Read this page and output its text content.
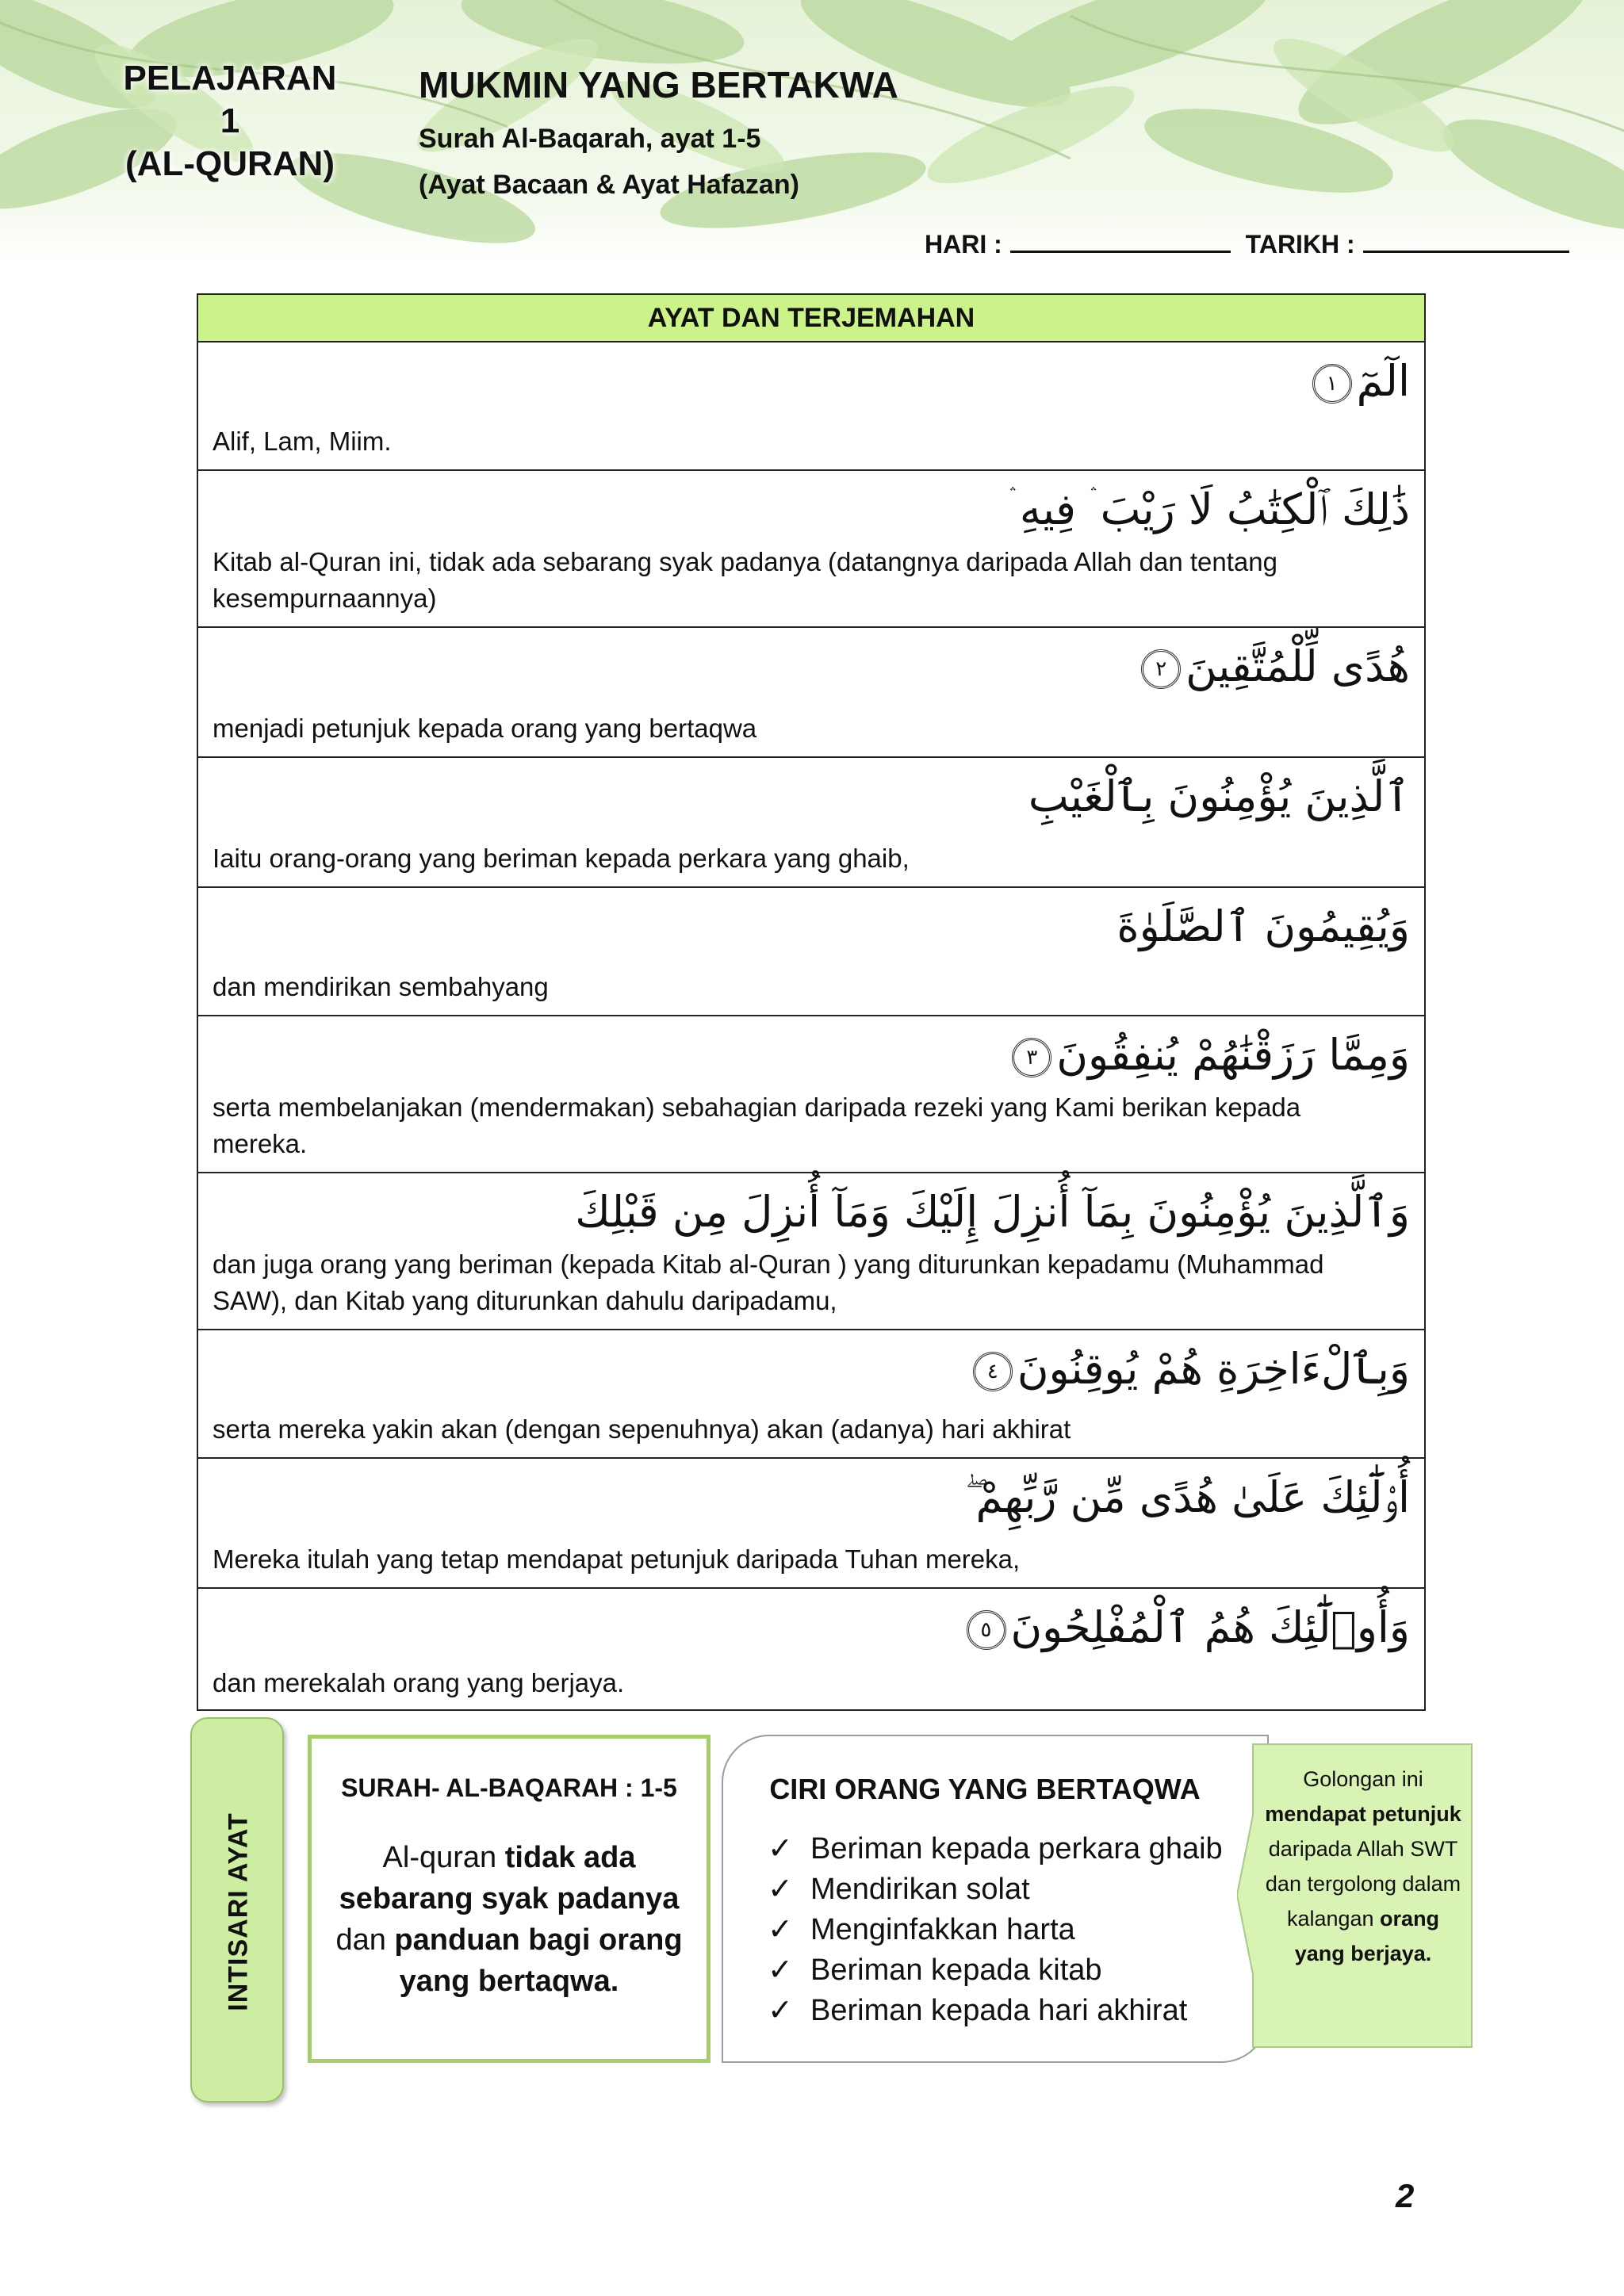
PELAJARAN
1
(AL-QURAN)
MUKMIN YANG BERTAKWA
Surah Al-Baqarah, ayat 1-5
(Ayat Bacaan & Ayat Hafazan)
HARI :	TARIKH :
AYAT DAN TERJEMAHAN
الٓمٓ١
Alif, Lam, Miim.
ذَٰلِكَ ٱلْكِتَٰبُ لَا رَيْبَ ۛ فِيهِ ۛ
Kitab al-Quran ini, tidak ada sebarang syak padanya (datangnya daripada Allah dan tentang kesempurnaannya)
هُدًى لِّلْمُتَّقِينَ٢
menjadi petunjuk kepada orang yang bertaqwa
ٱلَّذِينَ يُؤْمِنُونَ بِٱلْغَيْبِ
Iaitu orang-orang yang beriman kepada perkara yang ghaib,
وَيُقِيمُونَ ٱلصَّلَوٰةَ
dan mendirikan sembahyang
وَمِمَّا رَزَقْنَٰهُمْ يُنفِقُونَ٣
serta membelanjakan (mendermakan) sebahagian daripada rezeki yang Kami berikan kepada mereka.
وَٱلَّذِينَ يُؤْمِنُونَ بِمَآ أُنزِلَ إِلَيْكَ وَمَآ أُنزِلَ مِن قَبْلِكَ
dan juga orang yang beriman (kepada Kitab al-Quran ) yang diturunkan kepadamu (Muhammad SAW), dan Kitab yang diturunkan dahulu daripadamu,
وَبِٱلْءَاخِرَةِ هُمْ يُوقِنُونَ٤
serta mereka yakin akan (dengan sepenuhnya) akan (adanya) hari akhirat
أُو۟لَٰٓئِكَ عَلَىٰ هُدًى مِّن رَّبِّهِمْ ۖ
Mereka itulah yang tetap mendapat petunjuk daripada Tuhan mereka,
وَأُو۟لَٰٓئِكَ هُمُ ٱلْمُفْلِحُونَ٥
dan merekalah orang yang berjaya.
INTISARI AYAT
SURAH- AL-BAQARAH : 1-5
Al-quran tidak ada sebarang syak padanya dan panduan bagi orang yang bertaqwa.
CIRI ORANG YANG BERTAQWA
✓ Beriman kepada perkara ghaib
✓ Mendirikan solat
✓ Menginfakkan harta
✓ Beriman kepada kitab
✓ Beriman kepada hari akhirat
Golongan ini mendapat petunjuk daripada Allah SWT dan tergolong dalam kalangan orang yang berjaya.
2
